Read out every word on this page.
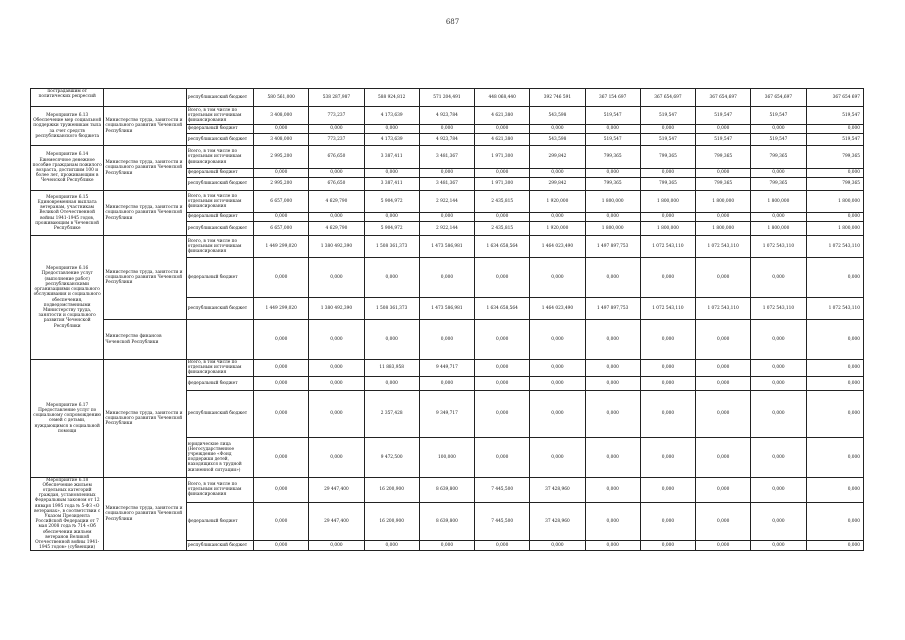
687
пострадавшим от политических репрессий		республиканский бюджет	580 561,000	538 287,987	588 924,812	571 204,491	448 068,440	392 746 591	367 154 697	367 654,697	367 654,697	367 654,697	367 654 697
Мероприятие 6.13 Обеспечение мер социальной поддержки труженикам тыла за счет средств республиканского бюджета	Министерство труда, занятости и социального развития Чеченской Республики	Всего, в том числе по отдельным источникам финансирования	3 408,000	773,237	4 173,639	4 923,784	4 621,380	543,598	519,547	519,547	519,547	519,547	519,547
		федеральный бюджет	0,000	0,000	0,000	0,000	0,000	0,000	0,000	0,000	0,000	0,000	0,000
		республиканский бюджет	3 408,000	773,237	4 173,639	4 923,784	4 621,380	543,598	519,547	519,547	519,547	519,547	519,547
Мероприятие 6.14 Ежемесячное денежное пособие гражданам пожилого возраста, достигшим 100 и более лет, проживающим в Чеченской Республике	Министерство труда, занятости и социального развития Чеченской Республики	Всего, в том числе по отдельным источникам финансирования	2 995,200	676,650	3 387,411	3 481,367	1 971,300	299,842	799,365	799,365	799,365	799,365	799,365
		федеральный бюджет	0,000	0,000	0,000	0,000	0,000	0,000	0,000	0,000	0,000	0,000	0,000
		республиканский бюджет	2 995,200	676,650	3 387,411	3 481,367	1 971,300	299,842	799,365	799,365	799,365	799,365	799,365
Мероприятие 6.15 Единовременная выплата ветеранам, участникам Великой Отечественной войны 1941-1945 годов, проживающим в Чеченской Республике	Министерство труда, занятости и социального развития Чеченской Республики	Всего, в том числе по отдельным источникам финансирования	6 657,000	4 629,790	5 904,972	2 922,144	2 435,815	1 920,000	1 800,000	1 800,000	1 800,000	1 800,000	1 800,000
		федеральный бюджет	0,000	0,000	0,000	0,000	0,000	0,000	0,000	0,000	0,000	0,000	0,000
		республиканский бюджет	6 657,000	4 629,790	5 904,972	2 922,144	2 435,815	1 920,000	1 800,000	1 800,000	1 800,000	1 800,000	1 800,000
Мероприятие 6.16 Предоставление услуг (выполнение работ) республиканскими организациями социального обслуживания и социального обеспечения, подведомственными Министерству труда, занятости и социального развития Чеченской Республики	Министерство труда, занятости и социального развития Чеченской Республики	Всего, в том числе по отдельным источникам финансирования	1 449 299,020	1 380 492,390	1 508 361,373	1 473 586,981	1 634 658,564	1 464 023,490	1 497 897,753	1 072 543,110	1 072 543,110	1 072 543,110	1 072 543,110
		федеральный бюджет	0,000	0,000	0,000	0,000	0,000	0,000	0,000	0,000	0,000	0,000	0,000
		республиканский бюджет	1 449 299,020	1 380 492,390	1 508 361,373	1 473 586,981	1 634 658,564	1 464 023,490	1 497 897,753	1 072 543,110	1 072 543,110	1 072 543,110	1 072 543,110
	Министерство финансов Чеченской Республики		0,000	0,000	0,000	0,000	0,000	0,000	0,000	0,000	0,000	0,000	0,000
Мероприятие 6.17 Предоставление услуг по социальному сопровождению семей с детьми, нуждающимся в социальной помощи	Министерство труда, занятости и социального развития Чеченской Республики	Всего, в том числе по отдельным источникам финансирования	0,000	0,000	11 883,958	9 449,717	0,000	0,000	0,000	0,000	0,000	0,000	0,000
		федеральный бюджет	0,000	0,000	0,000	0,000	0,000	0,000	0,000	0,000	0,000	0,000	0,000
		республиканский бюджет	0,000	0,000	2 357,428	9 349,717	0,000	0,000	0,000	0,000	0,000	0,000	0,000
		юридические лица (Негосударственное учреждение «Фонд поддержки детей, находящихся в трудной жизненной ситуации»)	0,000	0,000	9 472,500	100,000	0,000	0,000	0,000	0,000	0,000	0,000	0,000
Мероприятие 6.18 Обеспечение жильем отдельных категорий граждан, установленных Федеральным законом от 12 января 1995 года № 5-ФЗ «О ветеранах», в соответствии с Указом Президента Российской Федерации от 7 мая 2008 года № 714 «Об обеспечении жильем ветеранов Великой Отечественной войны 1941-1945 годов» (субвенции)	Министерство труда, занятости и социального развития Чеченской Республики	Всего, в том числе по отдельным источникам финансирования	0,000	29 447,400	16 200,900	8 639,800	7 445,500	37 428,960	0,000	0,000	0,000	0,000	0,000
		федеральный бюджет	0,000	29 447,400	16 200,900	8 639,800	7 445,500	37 428,960	0,000	0,000	0,000	0,000	0,000
		республиканский бюджет	0,000	0,000	0,000	0,000	0,000	0,000	0,000	0,000	0,000	0,000	0,000
